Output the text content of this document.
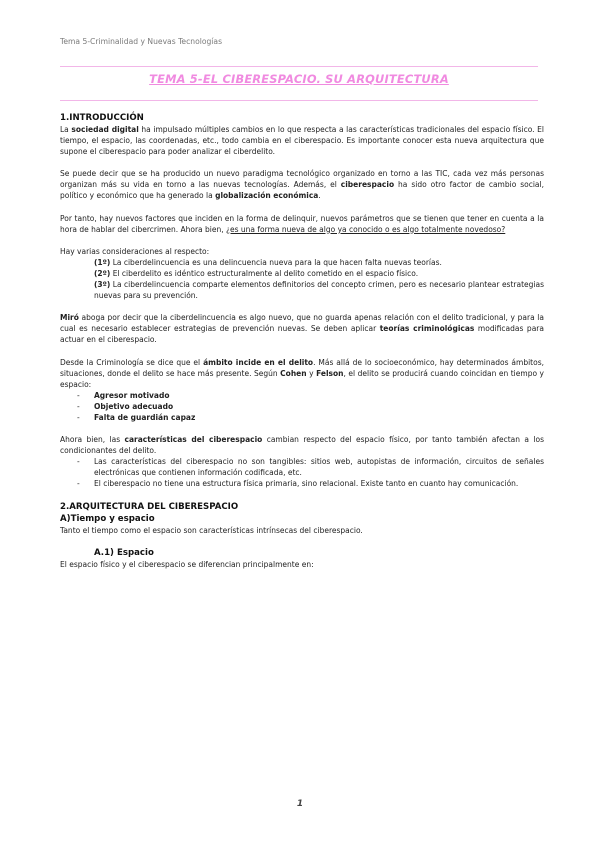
Tema 5-Criminalidad y Nuevas Tecnologías
TEMA 5-EL CIBERESPACIO. SU ARQUITECTURA
1.INTRODUCCIÓN

La sociedad digital ha impulsado múltiples cambios en lo que respecta a las características tradicionales del espacio físico. El tiempo, el espacio, las coordenadas, etc., todo cambia en el ciberespacio. Es importante conocer esta nueva arquitectura que supone el ciberespacio para poder analizar el ciberdelito.

Se puede decir que se ha producido un nuevo paradigma tecnológico organizado en torno a las TIC, cada vez más personas organizan más su vida en torno a las nuevas tecnologías. Además, el ciberespacio ha sido otro factor de cambio social, político y económico que ha generado la globalización económica.

Por tanto, hay nuevos factores que inciden en la forma de delinquir, nuevos parámetros que se tienen que tener en cuenta a la hora de hablar del cibercrimen. Ahora bien, ¿es una forma nueva de algo ya conocido o es algo totalmente novedoso?

Hay varias consideraciones al respecto:

(1º) La ciberdelincuencia es una delincuencia nueva para la que hacen falta nuevas teorías.

(2º) El ciberdelito es idéntico estructuralmente al delito cometido en el espacio físico.

(3º) La ciberdelincuencia comparte elementos definitorios del concepto crimen, pero es necesario plantear estrategias nuevas para su prevención.

Miró aboga por decir que la ciberdelincuencia es algo nuevo, que no guarda apenas relación con el delito tradicional, y para la cual es necesario establecer estrategias de prevención nuevas. Se deben aplicar teorías criminológicas modificadas para actuar en el ciberespacio.

Desde la Criminología se dice que el ámbito incide en el delito. Más allá de lo socioeconómico, hay determinados ámbitos, situaciones, donde el delito se hace más presente. Según Cohen y Felson, el delito se producirá cuando coincidan en tiempo y espacio:

- Agresor motivado
- Objetivo adecuado
- Falta de guardián capaz

Ahora bien, las características del ciberespacio cambian respecto del espacio físico, por tanto también afectan a los condicionantes del delito.

- Las características del ciberespacio no son tangibles: sitios web, autopistas de información, circuitos de señales electrónicas que contienen información codificada, etc.
- El ciberespacio no tiene una estructura física primaria, sino relacional. Existe tanto en cuanto hay comunicación.
2.ARQUITECTURA DEL CIBERESPACIO
A)Tiempo y espacio

Tanto el tiempo como el espacio son características intrínsecas del ciberespacio.

A.1) Espacio

El espacio físico y el ciberespacio se diferencian principalmente en:

1
